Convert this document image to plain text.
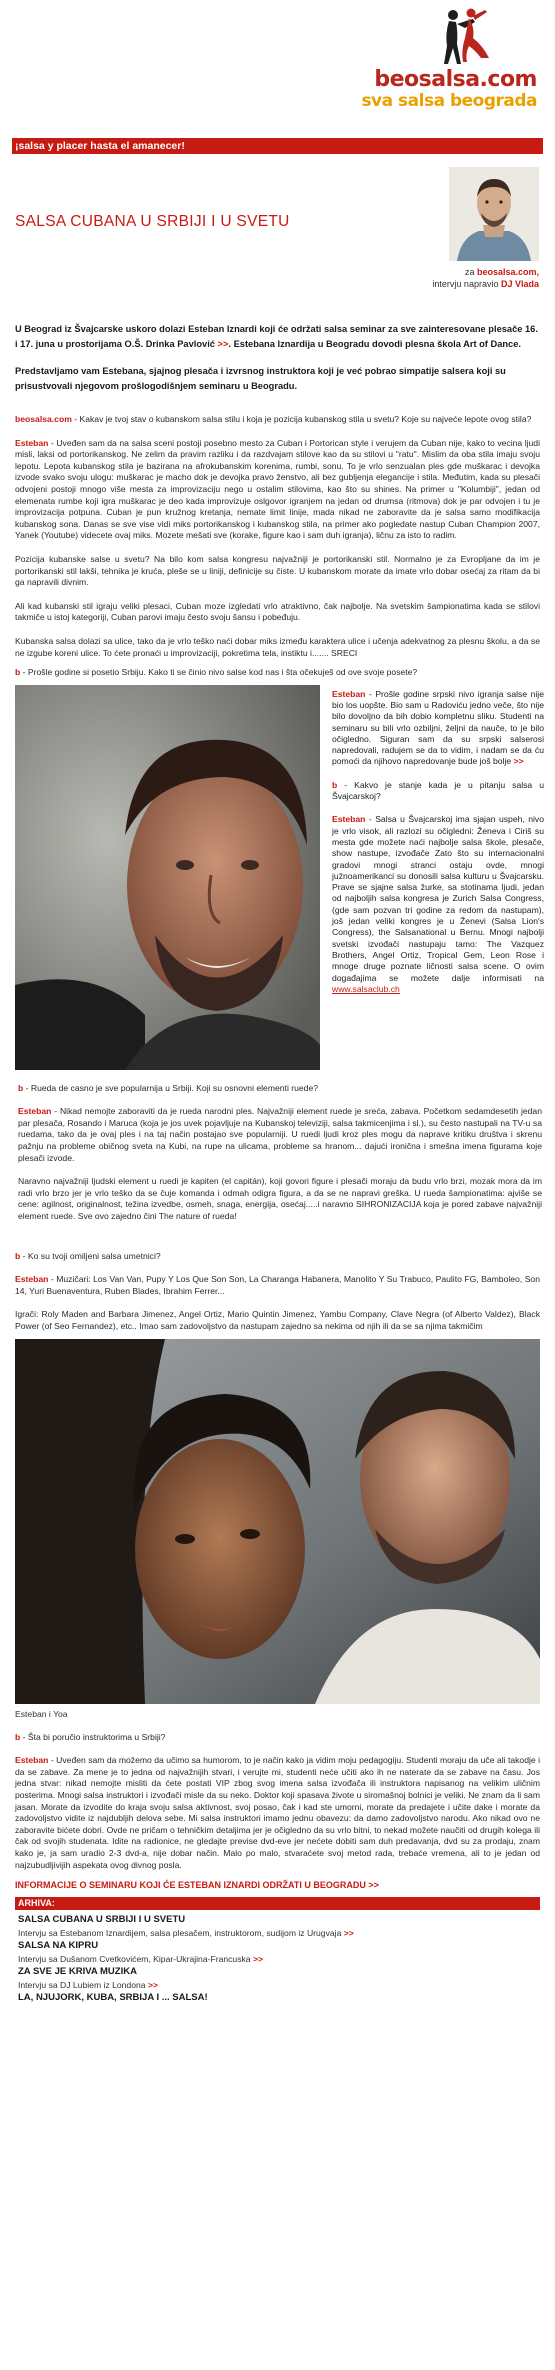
beosalsa.com
sva salsa beograda
¡salsa y placer hasta el amanecer!
SALSA CUBANA U SRBIJI I U SVETU
za beosalsa.com,
intervju napravio DJ Vlada

U Beograd iz Švajcarske uskoro dolazi Esteban Iznardi koji će održati salsa seminar za sve zainteresovane plesače 16. i 17. juna u prostorijama O.Š. Drinka Pavlović >>. Estebana Iznardija u Beogradu dovodi plesna škola Art of Dance.

Predstavljamo vam Estebana, sjajnog plesača i izvrsnog instruktora koji je već pobrao simpatije salsera koji su prisustvovali njegovom prošlogodišnjem seminaru u Beogradu.

beosalsa.com - Kakav je tvoj stav o kubanskom salsa stilu i koja je pozicija kubanskog stila u svetu? Koje su najveće lepote ovog stila?
Esteban - Uveđen sam da na salsa sceni postoji posebno mesto za Cuban i Portorican style i verujem da Cuban nije, kako to vecina ljudi misli, laksi od portorikanskog. Ne zelim da pravim razliku i da razdvajam stilove kao da su stilovi u "ratu". Mislim da oba stila imaju svoju lepotu. Lepota kubanskog stila je bazirana na afrokubanskim korenima, rumbi, sonu. To je vrlo senzualan ples gde muškarac i devojka izvode svako svoju ulogu: muškarac je macho dok je devojka pravo ženstvo, ali bez gubljenja elegancije i stila. Međutim, kada su plesači odvojeni postoji mnogo više mesta za improvizaciju nego u ostalim stilovima, kao što su shines. Na primer u "Kolumbiji", jedan od elemenata rumbe koji igra muškarac je deo kada improvizuje oslgovor igranjem na jedan od drumsa (ritmova) dok je par odvojen i tu je improvizacija potpuna. Cuban je pun kružnog kretanja, nemate limit linije, mada nikad ne zaboravite da je salsa samo modifikacija kubanskog sona. Danas se sve vise vidi miks portorikanskog i kubanskog stila, na primer ako pogledate nastup Cuban Champion 2007, Yanek (Youtube) videcete ovaj miks. Mozete mešati sve (korake, figure kao i sam duh igranja), ličnu za isto to radim.
Pozicija kubanske salse u svetu? Na bilo kom salsa kongresu najvažniji je portorikanski stil. Normalno je za Evropljane da im je portorikanski stil lakši, tehnika je kruća, pleše se u liniji, definicije su čiste. U kubanskom morate da imate vrlo dobar osećaj za ritam da bi ga napravili divnim.
Ali kad kubanski stil igraju veliki plesaci, Cuban moze izgledati vrlo atraktivno, čak najbolje. Na svetskim šampionatima kada se stilovi takmiče u istoj kategoriji, Cuban parovi imaju često svoju šansu i pobeđuju.
Kubanska salsa dolazi sa ulice, tako da je vrlo teško naći dobar miks između karaktera ulice i učenja adekvatnog za plesnu školu, a da se ne izgube koreni ulice. To ćete pronaći u improvizaciji, pokretima tela, instiktu i....... SRECI
b - Prošle godine si posetio Srbiju. Kako ti se činio nivo salse kod nas i šta očekuješ od ove svoje posete?
Esteban - Prošle godine srpski nivo igranja salse nije bio los uopšte. Bio sam u Radoviću jedno veče, što nije bilo dovoljno da bih dobio kompletnu sliku. Studenti na seminaru su bili vrlo ozbiljni, željni da nauče, to je bilo očigledno. Siguran sam da su srpski salserosi napredovali, radujem se da to vidim, i nadam se da ću pomoći da njihovo napredovanje bude još bolje >>
b - Kakvo je stanje kada je u pitanju salsa u Švajcarskoj?
Esteban - Salsa u Švajcarskoj ima sjajan uspeh, nivo je vrlo visok, ali razlozi su očigledni: Ženeva i Ciriš su mesta gde možete naći najbolje salsa škole, plesače, show nastupe, izvođače Zato što su internacionalni gradovi mnogi stranci ostaju ovde, mnogi južnoamerikanci su donosili salsa kulturu u Švajcarsku. Prave se sjajne salsa žurke, sa stotinama ljudi, jedan od najboljih salsa kongresa je Zurich Salsa Congress, (gde sam pozvan tri godine za redom da nastupam), još jedan veliki kongres je u Ženevi (Salsa Lion's Congress), the Salsanational u Bernu. Mnogi najbolji svetski izvođači nastupaju tamo: The Vazquez Brothers, Angel Ortiz, Tropical Gem, Leon Rose i mnoge druge poznate ličnosti salsa scene. O ovim događajima se možete dalje informisati na www.salsaclub.ch
b - Rueda de casno je sve popularnija u Srbiji. Koji su osnovni elementi ruede?
Esteban - Nikad nemojte zaboraviti da je rueda narodni ples. Najvažniji element ruede je sreća, zabava. Početkom sedamdesetih jedan par plesača, Rosando i Maruca (koja je jos uvek pojavljuje na Kubanskoj televiziji, salsa takmicenjima i sl.), su često nastupali na TV-u sa ruedama, tako da je ovaj ples i na taj način postajao sve popularniji. U ruedi ljudi kroz ples mogu da naprave kritiku društva i skrenu pažnju na probleme običnog sveta na Kubi, na rupe na ulicama, probleme sa hranom... dajući ironična i smešna imena figurama koje plesači izvode.
Naravno najvažniji ljudski element u ruedi je kapiten (el capitán), koji govori figure i plesači moraju da budu vrlo brzi, mozak mora da im radi vrlo brzo jer je vrlo teško da se čuje komanda i odmah odigra figura, a da se ne napravi greška. U rueda šampionatima: ajviše se cene: agilnost, originalnost, težina izvedbe, osmeh, snaga, energija, osećaj.....i naravno SIHRONIZACIJA koja je pored zabave najvažniji element ruede. Sve ovo zajedno čini The nature of rueda!
b - Ko su tvoji omiljeni salsa umetnici?
Esteban - Muzičari: Los Van Van, Pupy Y Los Que Son Son, La Charanga Habanera, Manolito Y Su Trabuco, Paulito FG, Bamboleo, Son 14, Yuri Buenaventura, Ruben Blades, Ibrahim Ferrer...
Igrači: Roly Maden and Barbara Jimenez, Angel Ortiz, Mario Quintin Jimenez, Yambu Company, Clave Negra (of Alberto Valdez), Black Power (of Seo Fernandez), etc.. Imao sam zadovoljstvo da nastupam zajedno sa nekima od njih ili da se sa njima takmičim
Esteban i Yoa
b - Šta bi poručio instruktorima u Srbiji?
Esteban - Uveđen sam da možemo da učimo sa humorom, to je način kako ja vidim moju pedagogiju. Studenti moraju da uče ali takodje i da se zabave. Za mene je to jedna od najvažnijih stvari, i verujte mi, studenti neće učiti ako ih ne naterate da se zabave na času. Jos jedna stvar: nikad nemojte misliti da ćete postati VIP zbog svog imena salsa izvođača ili instruktora napisanog na velikim uličnim posterima. Mnogi salsa instruktori i izvođači misle da su neko. Doktor koji spasava živote u siromašnoj bolnici je veliki. Ne znam da li sam jasan. Morate da izvodite do kraja svoju salsa aktivnost, svoj posao, čak i kad ste umorni, morate da predajete i učite dake i morate da zadovoljstvo vidite iz najdubljih delova sebe. Mi salsa instruktori imamo jednu obavezu: da damo zadovoljstvo narodu. Ako nikad ovo ne zaboravite bićete dobri. Ovde ne pričam o tehničkim detaljima jer je očigledno da su vrlo bitni, to nekad možete naučiti od drugih kolega ili čak od svojih studenata. Idite na radionice, ne gledajte previse dvd-eve jer nećete dobiti sam duh predavanja, dvd su za prodaju, znam kako je, ja sam uradio 2-3 dvd-a, nije dobar način. Malo po malo, stvaraćete svoj metod rada, trebaće vremena, ali to je jedan od najzubudljivijih aspekata ovog divnog posla.
INFORMACIJE O SEMINARU KOJI ĆE ESTEBAN IZNARDI ODRŽATI U BEOGRADU >>
ARHIVA:
SALSA CUBANA U SRBIJI I U SVETU
Intervju sa Estebanom Iznardijem, salsa plesačem, instruktorom, sudijom iz Urugvaja >>
SALSA NA KIPRU
Intervju sa Dušanom Cvetkovićem, Kipar-Ukrajina-Francuska >>
ZA SVE JE KRIVA MUZIKA
Intervju sa DJ Lubiem iz Londona >>
LA, NJUJORK, KUBA, SRBIJA I ... SALSA!
